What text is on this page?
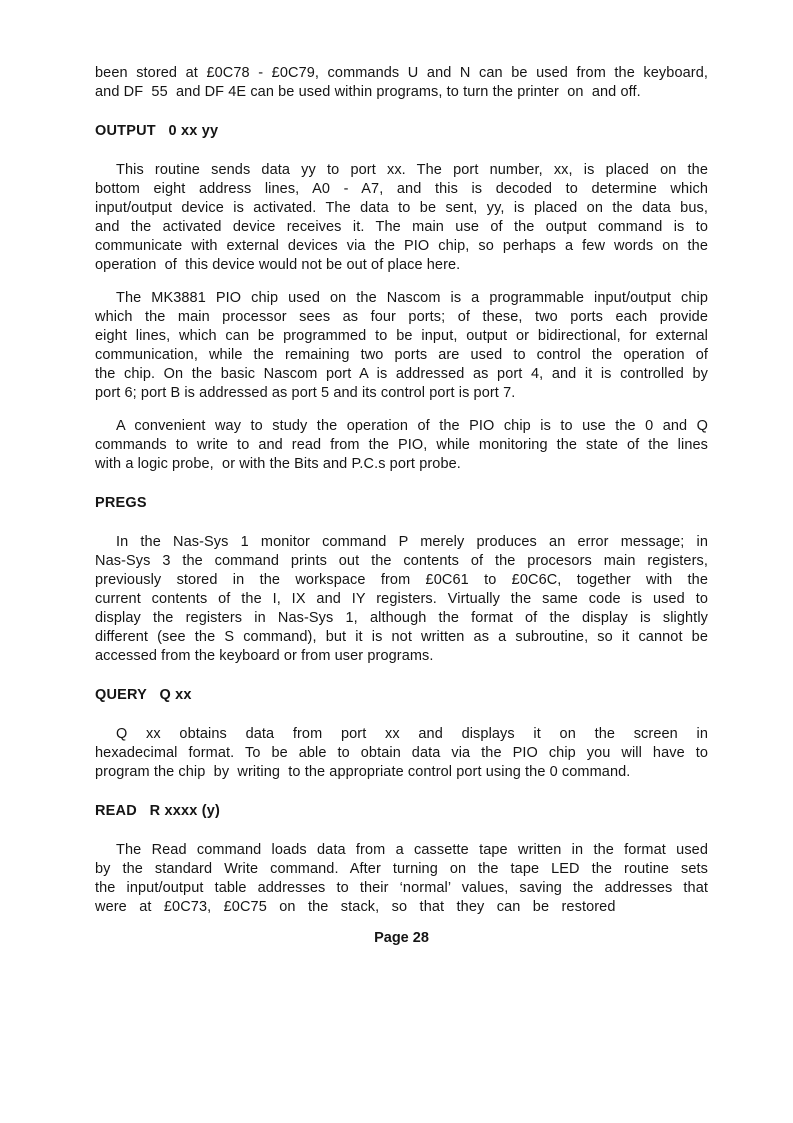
been stored at £0C78 - £0C79, commands U and N can be used from the keyboard,
and DF  55  and DF 4E can be used within programs, to turn the printer  on  and off.
OUTPUT   0 xx yy
This routine sends data yy to port xx. The port number, xx, is placed on the
bottom eight address lines, A0 - A7, and this is decoded to determine which
input/output device is activated. The data to be sent, yy, is placed on the data bus,
and the activated device receives it. The main use of the output command is to
communicate with external devices via the PIO chip, so perhaps a few words on the
operation  of  this device would not be out of place here.
The MK3881 PIO chip used on the Nascom is a programmable input/output chip
which the main processor sees as four ports; of these, two ports each provide
eight lines, which can be programmed to be input, output or bidirectional, for external
communication, while the remaining two ports are used to control the operation of
the chip. On the basic Nascom port A is addressed as port 4, and it is controlled by
port 6; port B is addressed as port 5 and its control port is port 7.
A convenient way to study the operation of the PIO chip is to use the 0 and Q
commands to write to and read from the PIO, while monitoring the state of the lines
with a logic probe,  or with the Bits and P.C.s port probe.
PREGS
In the Nas-Sys 1 monitor command P merely produces an error message; in
Nas-Sys 3 the command prints out the contents of the procesors main registers,
previously stored in the workspace from £0C61 to £0C6C, together with the
current contents of the I, IX and IY registers. Virtually the same code is used to
display the registers in Nas-Sys 1, although the format of the display is slightly
different (see the S command), but it is not written as a subroutine, so it cannot be
accessed from the keyboard or from user programs.
QUERY   Q xx
Q xx obtains data from port xx and displays it on the screen in
hexadecimal format. To be able to obtain data via the PIO chip you will have to
program the chip  by  writing  to the appropriate control port using the 0 command.
READ   R xxxx (y)
The Read command loads data from a cassette tape written in the format used
by the standard Write command. After turning on the tape LED the routine sets
the input/output table addresses to their ‘normal’ values, saving the addresses that
were   at   £0C73,   £0C75   on   the   stack,   so   that   they   can   be   restored
Page 28
